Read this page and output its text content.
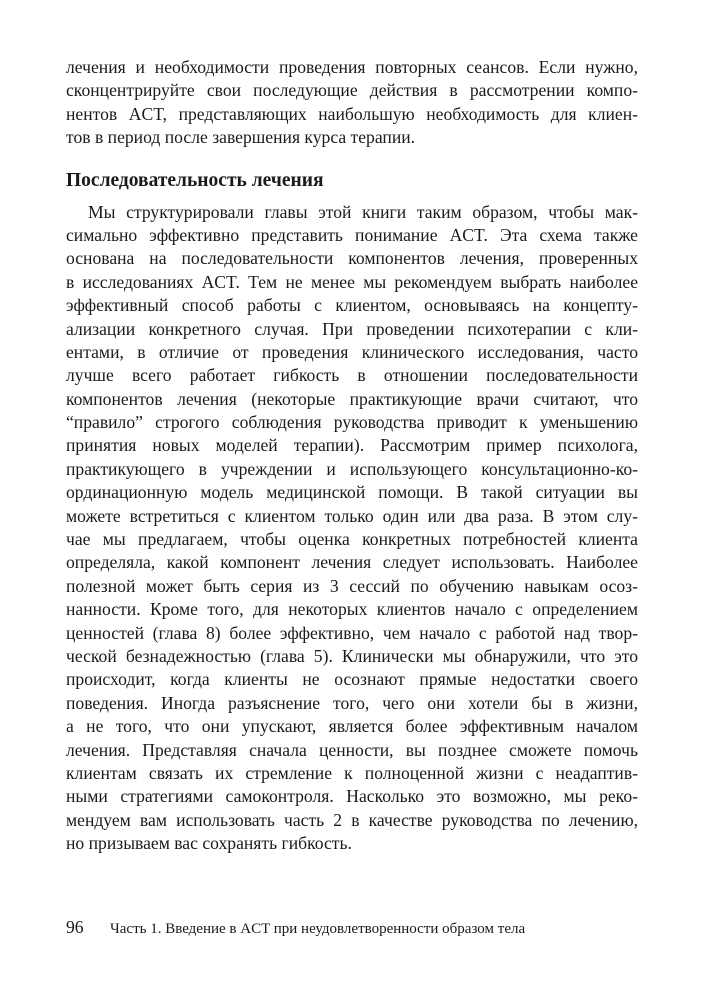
лечения и необходимости проведения повторных сеансов. Если нужно,
сконцентрируйте свои последующие действия в рассмотрении компо-
нентов ACT, представляющих наибольшую необходимость для клиен-
тов в период после завершения курса терапии.
Последовательность лечения
Мы структурировали главы этой книги таким образом, чтобы мак-
симально эффективно представить понимание ACT. Эта схема также
основана на последовательности компонентов лечения, проверенных
в исследованиях ACT. Тем не менее мы рекомендуем выбрать наиболее
эффективный способ работы с клиентом, основываясь на концепту-
ализации конкретного случая. При проведении психотерапии с кли-
ентами, в отличие от проведения клинического исследования, часто
лучше всего работает гибкость в отношении последовательности
компонентов лечения (некоторые практикующие врачи считают, что
“правило” строгого соблюдения руководства приводит к уменьшению
принятия новых моделей терапии). Рассмотрим пример психолога,
практикующего в учреждении и использующего консультационно-ко-
ординационную модель медицинской помощи. В такой ситуации вы
можете встретиться с клиентом только один или два раза. В этом слу-
чае мы предлагаем, чтобы оценка конкретных потребностей клиента
определяла, какой компонент лечения следует использовать. Наиболее
полезной может быть серия из 3 сессий по обучению навыкам осоз-
нанности. Кроме того, для некоторых клиентов начало с определением
ценностей (глава 8) более эффективно, чем начало с работой над твор-
ческой безнадежностью (глава 5). Клинически мы обнаружили, что это
происходит, когда клиенты не осознают прямые недостатки своего
поведения. Иногда разъяснение того, чего они хотели бы в жизни,
а не того, что они упускают, является более эффективным началом
лечения. Представляя сначала ценности, вы позднее сможете помочь
клиентам связать их стремление к полноценной жизни с неадаптив-
ными стратегиями самоконтроля. Насколько это возможно, мы реко-
мендуем вам использовать часть 2 в качестве руководства по лечению,
но призываем вас сохранять гибкость.
96 Часть 1. Введение в ACT при неудовлетворенности образом тела
